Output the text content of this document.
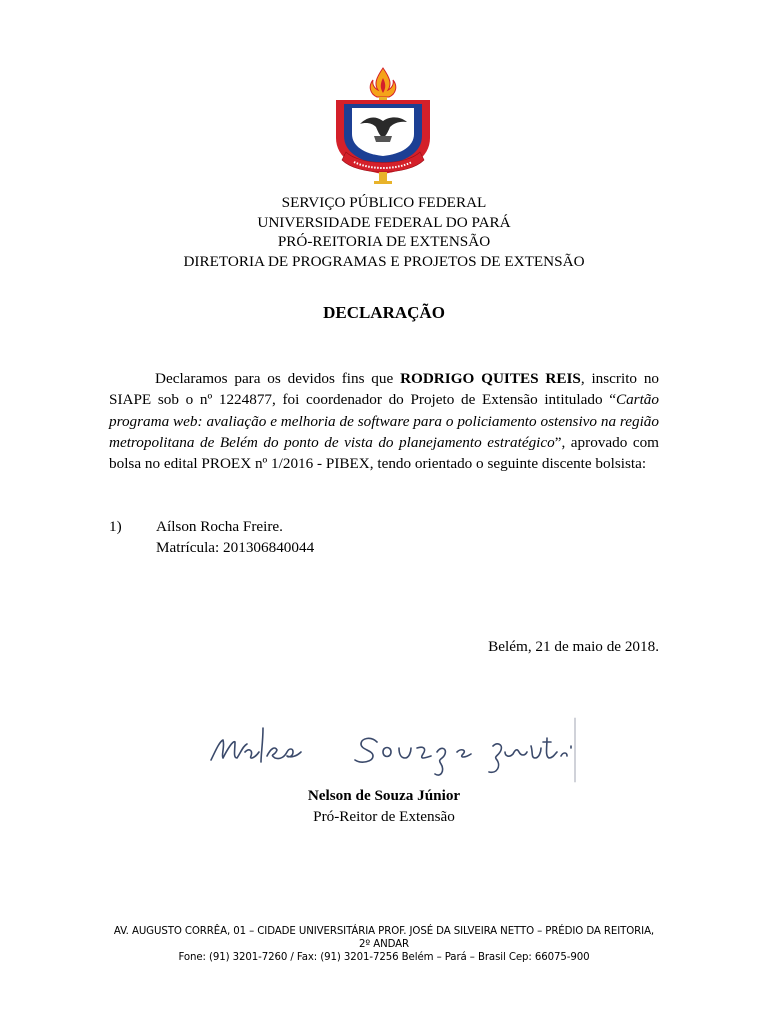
SERVIÇO PÚBLICO FEDERAL
UNIVERSIDADE FEDERAL DO PARÁ
PRÓ-REITORIA DE EXTENSÃO
DIRETORIA DE PROGRAMAS E PROJETOS DE EXTENSÃO
DECLARAÇÃO
Declaramos para os devidos fins que RODRIGO QUITES REIS, inscrito no SIAPE sob o nº 1224877, foi coordenador do Projeto de Extensão intitulado “Cartão programa web: avaliação e melhoria de software para o policiamento ostensivo na região metropolitana de Belém do ponto de vista do planejamento estratégico”, aprovado com bolsa no edital PROEX nº 1/2016 - PIBEX, tendo orientado o seguinte discente bolsista:
1)	Aílson Rocha Freire.
Matrícula: 201306840044
Belém, 21 de maio de 2018.
Nelson de Souza Júnior
Pró-Reitor de Extensão
AV. AUGUSTO CORRÊA, 01 – CIDADE UNIVERSITÁRIA PROF. JOSÉ DA SILVEIRA NETTO – PRÉDIO DA REITORIA, 2º ANDAR
Fone: (91) 3201-7260 / Fax: (91) 3201-7256 Belém – Pará – Brasil Cep: 66075-900
